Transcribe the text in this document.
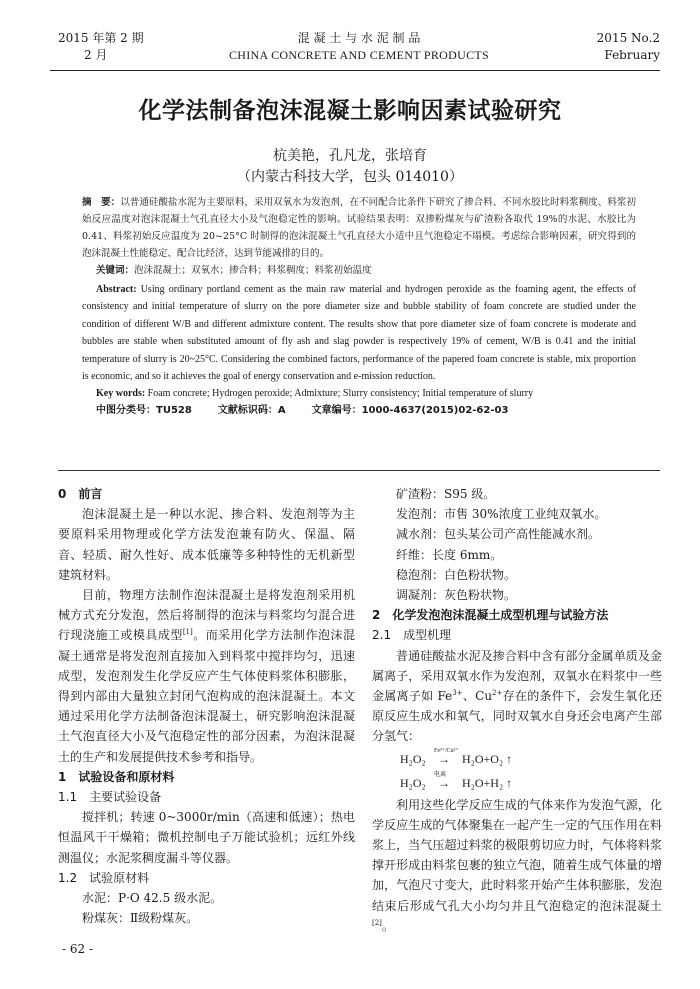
2015 年第 2 期
2 月
混 凝 土 与 水 泥 制 品
CHINA CONCRETE AND CEMENT PRODUCTS
2015 No.2
February
化学法制备泡沫混凝土影响因素试验研究
杭美艳，孔凡龙，张培育
（内蒙古科技大学，包头 014010）

摘　要：以普通硅酸盐水泥为主要原料，采用双氧水为发泡剂，在不同配合比条件下研究了掺合料、不同水胶比时料浆稠度、料浆初始反应温度对泡沫混凝土气孔直径大小及气泡稳定性的影响。试验结果表明：双掺粉煤灰与矿渣粉各取代 19%的水泥、水胶比为 0.41、料浆初始反应温度为 20~25°C 时制得的泡沫混凝土气孔直径大小适中且气泡稳定不塌模。考虑综合影响因素，研究得到的泡沫混凝土性能稳定、配合比经济，达到节能减排的目的。

关键词：泡沫混凝土；双氧水；掺合料；料浆稠度；料浆初始温度

Abstract: Using ordinary portland cement as the main raw material and hydrogen peroxide as the foaming agent, the effects of consistency and initial temperature of slurry on the pore diameter size and bubble stability of foam concrete are studied under the condition of different W/B and different admixture content. The results show that pore diameter size of foam concrete is moderate and bubbles are stable when substituted amount of fly ash and slag powder is respectively 19% of cement, W/B is 0.41 and the initial temperature of slurry is 20~25°C. Considering the combined factors, performance of the papered foam concrete is stable, mix proportion is economic, and so it achieves the goal of energy conservation and e-mission reduction.

Key words: Foam concrete; Hydrogen peroxide; Admixture; Slurry consistency; Initial temperature of slurry

中图分类号：TU528	文献标识码：A	文章编号：1000-4637(2015)02-62-03

0　前言

泡沫混凝土是一种以水泥、掺合料、发泡剂等为主要原料采用物理或化学方法发泡兼有防火、保温、隔音、轻质、耐久性好、成本低廉等多种特性的无机新型建筑材料。

目前，物理方法制作泡沫混凝土是将发泡剂采用机械方式充分发泡，然后将制得的泡沫与料浆均匀混合进行现浇施工或模具成型[1]。而采用化学方法制作泡沫混凝土通常是将发泡剂直接加入到料浆中搅拌均匀，迅速成型，发泡剂发生化学反应产生气体使料浆体积膨胀，得到内部由大量独立封闭气泡构成的泡沫混凝土。本文通过采用化学方法制备泡沫混凝土，研究影响泡沫混凝土气泡直径大小及气泡稳定性的部分因素，为泡沫混凝土的生产和发展提供技术参考和指导。

1　试验设备和原材料

1.1　主要试验设备

搅拌机；转速 0~3000r/min（高速和低速）；热电恒温风干干燥箱；微机控制电子万能试验机；远红外线测温仪；水泥浆稠度漏斗等仪器。

1.2　试验原材料

水泥：P·O 42.5 级水泥。

粉煤灰：Ⅱ级粉煤灰。

矿渣粉：S95 级。

发泡剂：市售 30%浓度工业纯双氧水。

减水剂：包头某公司产高性能减水剂。

纤维：长度 6mm。

稳泡剂：白色粉状物。

调凝剂：灰色粉状物。

2　化学发泡泡沫混凝土成型机理与试验方法

2.1　成型机理

普通硅酸盐水泥及掺合料中含有部分金属单质及金属离子，采用双氧水作为发泡剂，双氧水在料浆中一些金属离子如 $Fe^{3+}$、$Cu^{2+}$存在的条件下，会发生氧化还原反应生成水和氧气，同时双氧水自身还会电离产生部分氢气：

H₂O₂
Fe³⁺/Cu²⁺
→ H₂O+O₂ ↑
H₂O₂
电离
→ H₂O+H₂ ↑

利用这些化学反应生成的气体来作为发泡气源，化学反应生成的气体聚集在一起产生一定的气压作用在料浆上，当气压超过料浆的极限剪切应力时，气体将料浆撑开形成由料浆包裹的独立气泡，随着生成气体量的增加，气泡尺寸变大，此时料浆开始产生体积膨胀，发泡结束后形成气孔大小均匀并且气泡稳定的泡沫混凝土[2]。

- 62 -
